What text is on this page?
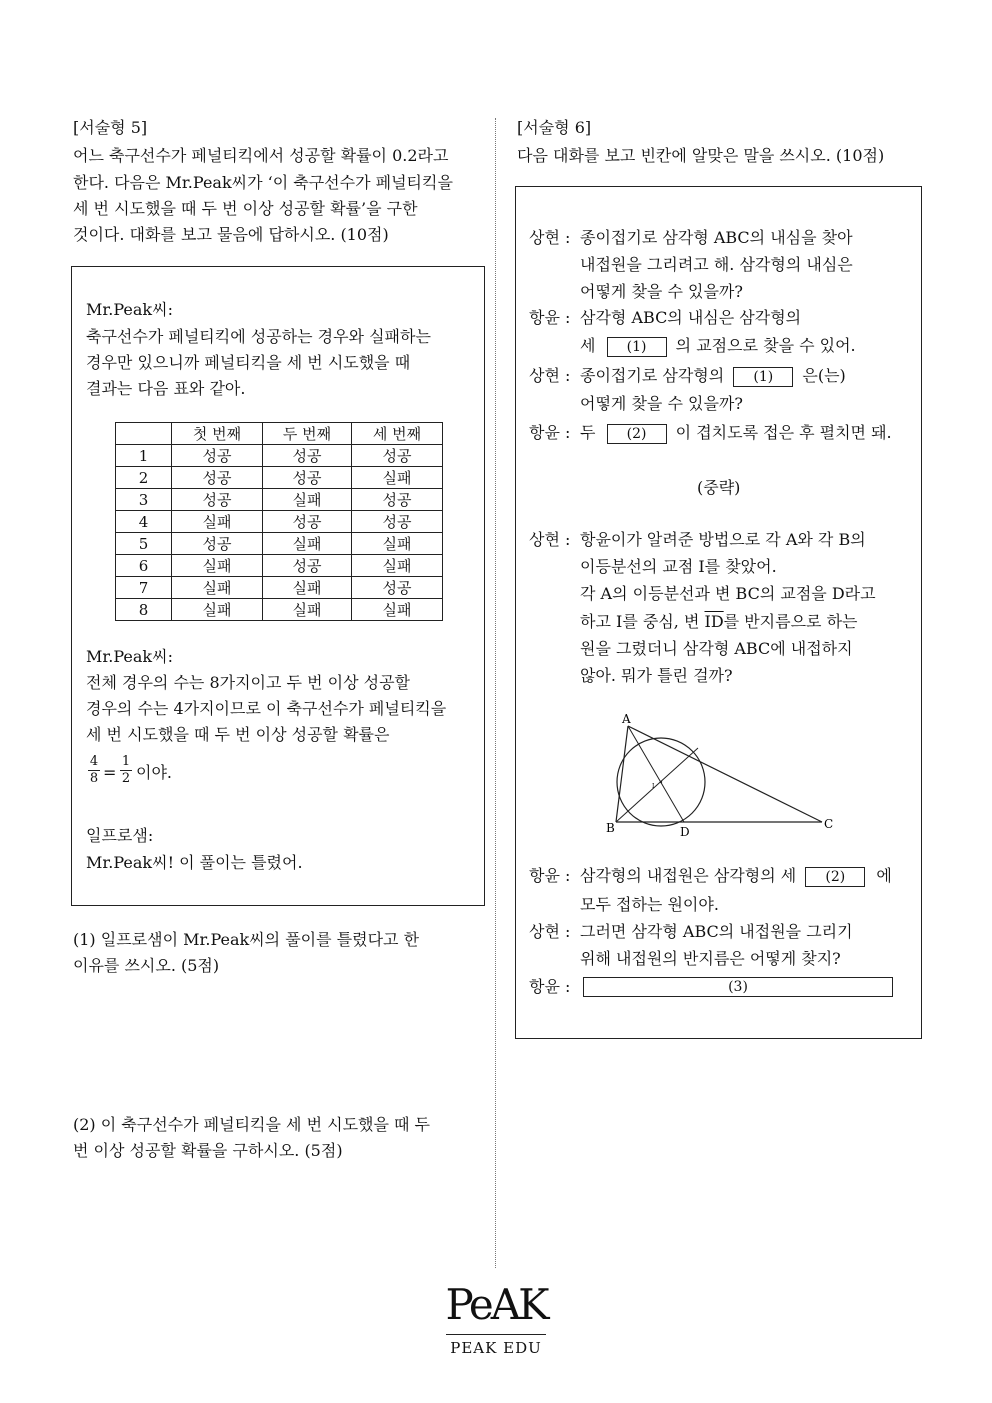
[서술형 5]
어느 축구선수가 페널티킥에서 성공할 확률이 0.2라고
한다. 다음은 Mr.Peak씨가 ‘이 축구선수가 페널티킥을
세 번 시도했을 때 두 번 이상 성공할 확률’을 구한
것이다. 대화를 보고 물음에 답하시오. (10점)
Mr.Peak씨:
축구선수가 페널티킥에 성공하는 경우와 실패하는
경우만 있으니까 페널티킥을 세 번 시도했을 때
결과는 다음 표와 같아.
	첫 번째	두 번째	세 번째
1	성공	성공	성공
2	성공	성공	실패
3	성공	실패	성공
4	실패	성공	성공
5	성공	실패	실패
6	실패	성공	실패
7	실패	실패	성공
8	실패	실패	실패
Mr.Peak씨:
전체 경우의 수는 8가지이고 두 번 이상 성공할
경우의 수는 4가지이므로 이 축구선수가 페널티킥을
세 번 시도했을 때 두 번 이상 성공할 확률은
4
8 =
1
2 이야.
일프로샘:
Mr.Peak씨! 이 풀이는 틀렸어.
(1) 일프로샘이 Mr.Peak씨의 풀이를 틀렸다고 한
이유를 쓰시오. (5점)
(2) 이 축구선수가 페널티킥을 세 번 시도했을 때 두
번 이상 성공할 확률을 구하시오. (5점)
[서술형 6]
다음 대화를 보고 빈칸에 알맞은 말을 쓰시오. (10점)
상현 : 종이접기로 삼각형 ABC의 내심을 찾아
내접원을 그리려고 해. 삼각형의 내심은
어떻게 찾을 수 있을까?
항윤 : 삼각형 ABC의 내심은 삼각형의
세 (1) 의 교점으로 찾을 수 있어.
상현 : 종이접기로 삼각형의 (1) 은(는)
어떻게 찾을 수 있을까?
항윤 : 두 (2) 이 겹치도록 접은 후 펼치면 돼.
(중략)
상현 : 항윤이가 알려준 방법으로 각 A와 각 B의
이등분선의 교점 I를 찾았어.
각 A의 이등분선과 변 BC의 교점을 D라고
하고 I를 중심, 변 $\overline{ID}$를 반지름으로 하는
원을 그렸더니 삼각형 ABC에 내접하지
않아. 뭐가 틀린 걸까?
A
B	C
D
I
항윤 : 삼각형의 내접원은 삼각형의 세 (2) 에
모두 접하는 원이야.
상현 : 그러면 삼각형 ABC의 내접원을 그리기
위해 내접원의 반지름은 어떻게 찾지?
항윤 :	(3)
PeAK
PEAK EDU
